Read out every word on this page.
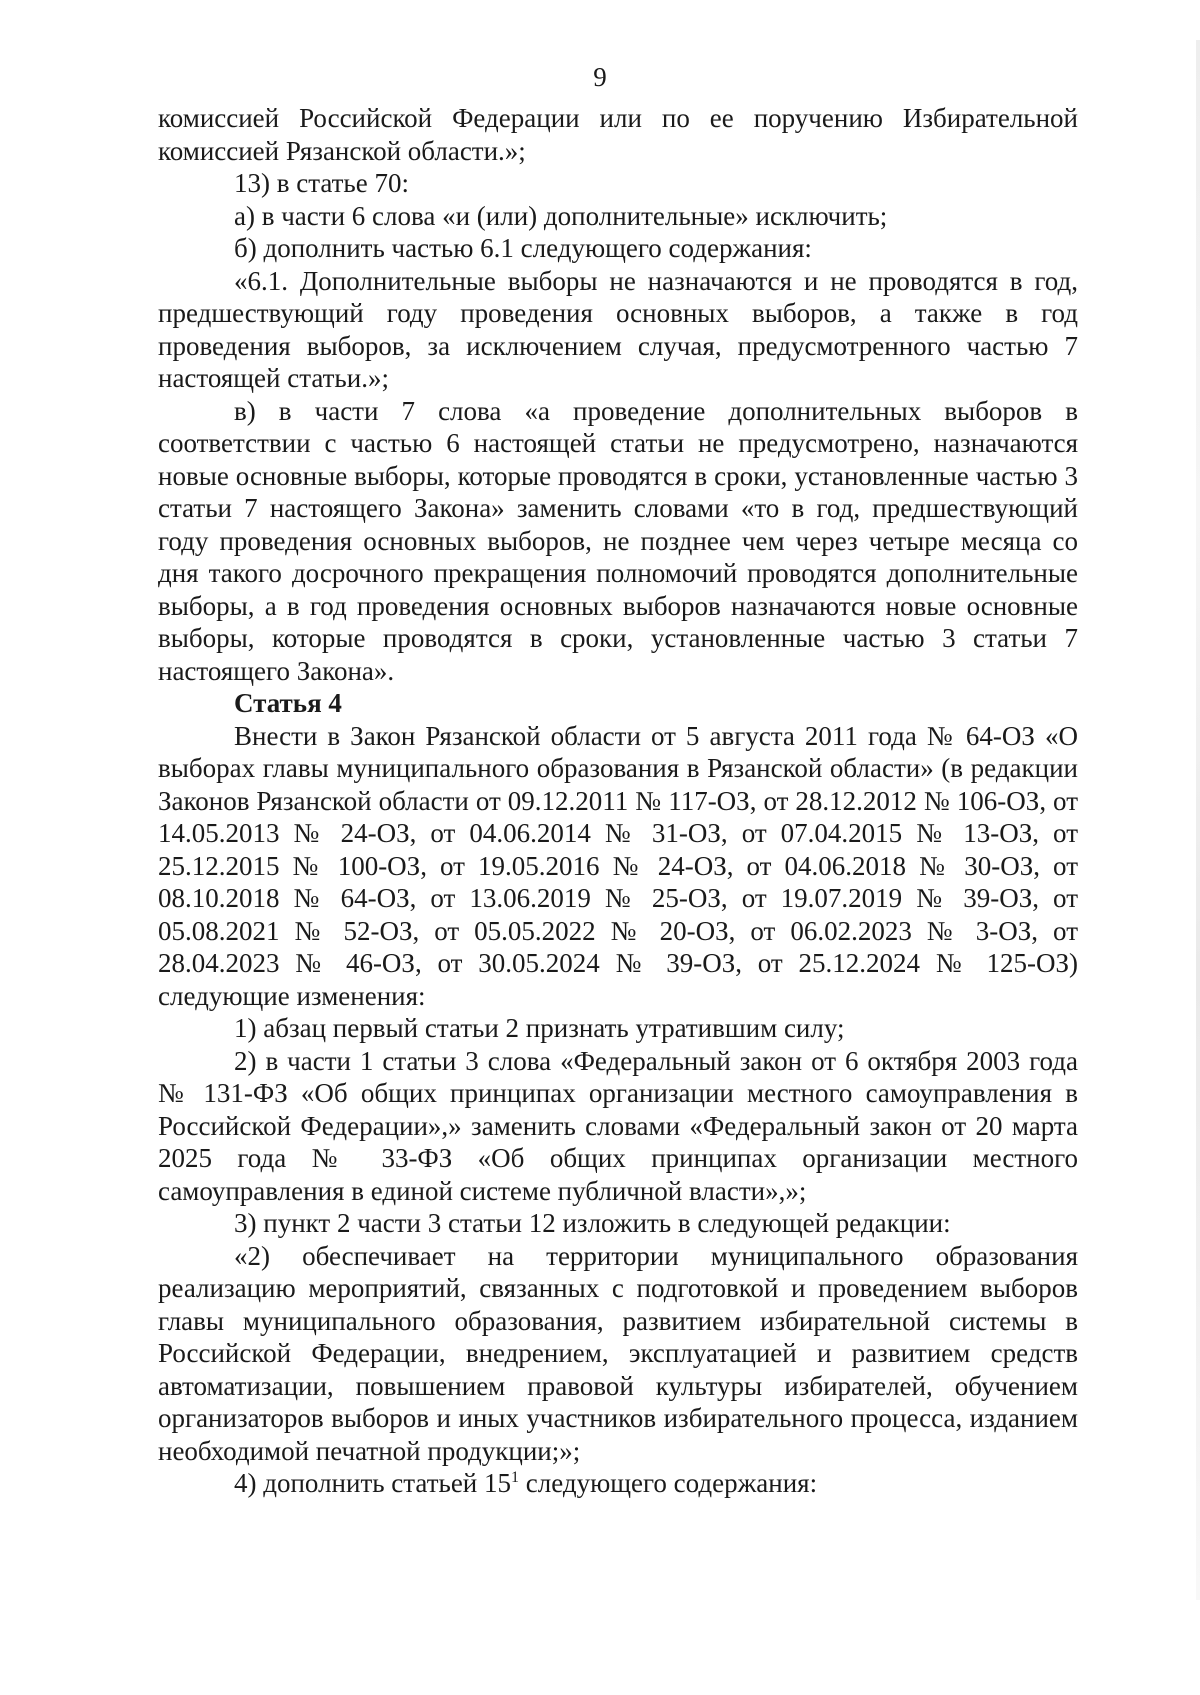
9

комиссией Российской Федерации или по ее поручению Избирательной комиссией Рязанской области.»;

13) в статье 70:

а) в части 6 слова «и (или) дополнительные» исключить;

б) дополнить частью 6.1 следующего содержания:

«6.1. Дополнительные выборы не назначаются и не проводятся в год, предшествующий году проведения основных выборов, а также в год проведения выборов, за исключением случая, предусмотренного частью 7 настоящей статьи.»;

в) в части 7 слова «а проведение дополнительных выборов в соответствии с частью 6 настоящей статьи не предусмотрено, назначаются новые основные выборы, которые проводятся в сроки, установленные частью 3 статьи 7 настоящего Закона» заменить словами «то в год, предшествующий году проведения основных выборов, не позднее чем через четыре месяца со дня такого досрочного прекращения полномочий проводятся дополнительные выборы, а в год проведения основных выборов назначаются новые основные выборы, которые проводятся в сроки, установленные частью 3 статьи 7 настоящего Закона».

Статья 4

Внести в Закон Рязанской области от 5 августа 2011 года № 64-ОЗ «О выборах главы муниципального образования в Рязанской области» (в редакции Законов Рязанской области от 09.12.2011 № 117-ОЗ, от 28.12.2012 № 106-ОЗ, от 14.05.2013 № 24-ОЗ, от 04.06.2014 № 31-ОЗ, от 07.04.2015 № 13-ОЗ, от 25.12.2015 № 100-ОЗ, от 19.05.2016 № 24-ОЗ, от 04.06.2018 № 30-ОЗ, от 08.10.2018 № 64-ОЗ, от 13.06.2019 № 25-ОЗ, от 19.07.2019 № 39-ОЗ, от 05.08.2021 № 52-ОЗ, от 05.05.2022 № 20-ОЗ, от 06.02.2023 № 3-ОЗ, от 28.04.2023 № 46-ОЗ, от 30.05.2024 № 39-ОЗ, от 25.12.2024 № 125-ОЗ) следующие изменения:

1) абзац первый статьи 2 признать утратившим силу;

2) в части 1 статьи 3 слова «Федеральный закон от 6 октября 2003 года № 131-ФЗ «Об общих принципах организации местного самоуправления в Российской Федерации»,» заменить словами «Федеральный закон от 20 марта 2025 года № 33-ФЗ «Об общих принципах организации местного самоуправления в единой системе публичной власти»,»;

3) пункт 2 части 3 статьи 12 изложить в следующей редакции:

«2) обеспечивает на территории муниципального образования реализацию мероприятий, связанных с подготовкой и проведением выборов главы муниципального образования, развитием избирательной системы в Российской Федерации, внедрением, эксплуатацией и развитием средств автоматизации, повышением правовой культуры избирателей, обучением организаторов выборов и иных участников избирательного процесса, изданием необходимой печатной продукции;»;

4) дополнить статьей $15^1$ следующего содержания:
